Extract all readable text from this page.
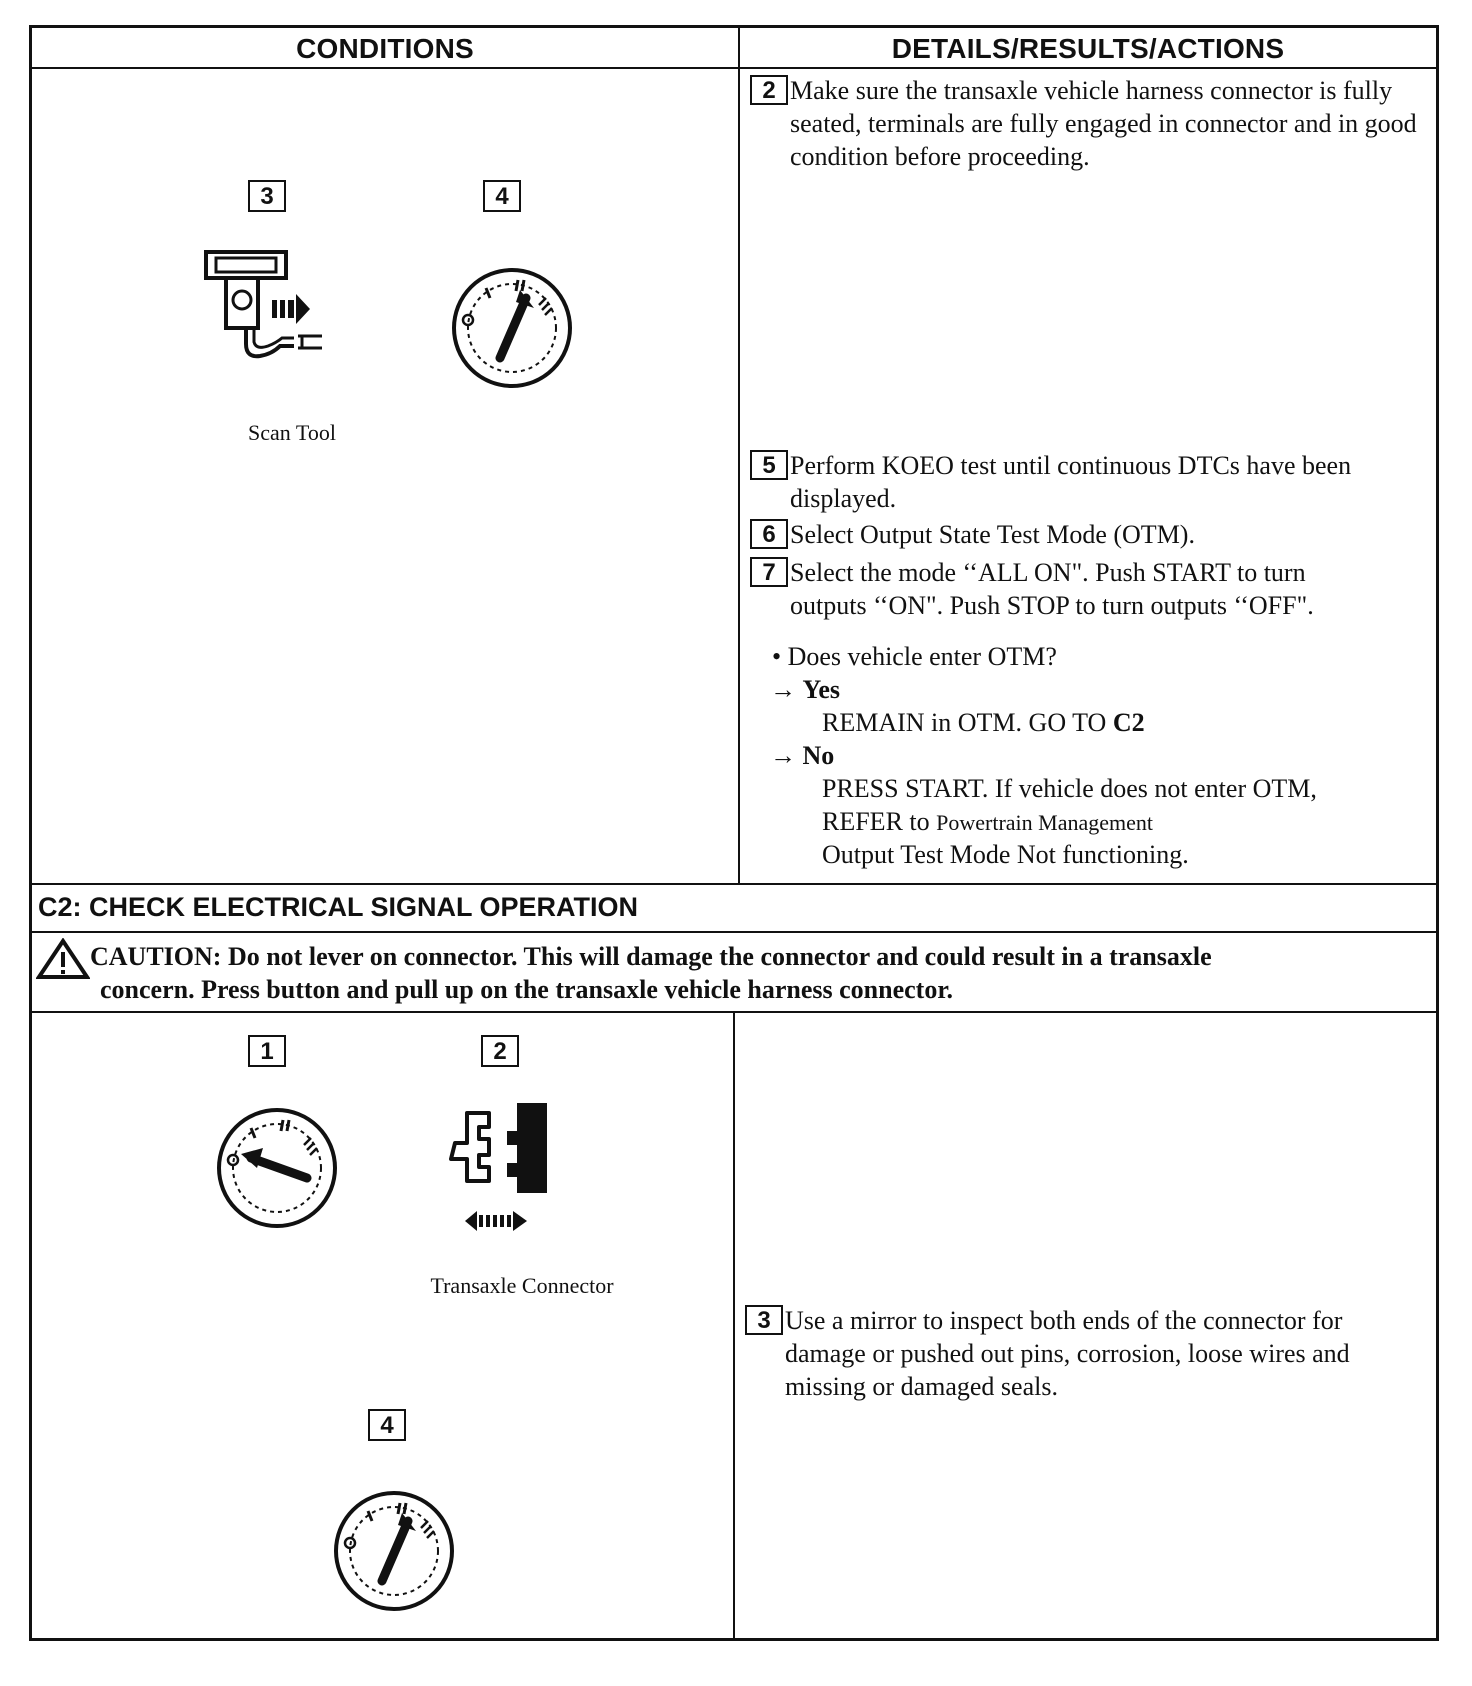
CONDITIONS	DETAILS/RESULTS/ACTIONS
3	4
Scan Tool
2 Make sure the transaxle vehicle harness connector is fully seated, terminals are fully engaged in connector and in good condition before proceeding.
5 Perform KOEO test until continuous DTCs have been displayed.
6 Select Output State Test Mode (OTM).
7 Select the mode ‘‘ALL ON". Push START to turn
outputs ‘‘ON". Push STOP to turn outputs ‘‘OFF".
• Does vehicle enter OTM?
→ Yes
REMAIN in OTM. GO TO C2
→ No
PRESS START. If vehicle does not enter OTM,
REFER to Powertrain Management
Output Test Mode Not functioning.
C2: CHECK ELECTRICAL SIGNAL OPERATION
CAUTION: Do not lever on connector. This will damage the connector and could result in a transaxle
concern. Press button and pull up on the transaxle vehicle harness connector.
1	2
Transaxle Connector
4
3 Use a mirror to inspect both ends of the connector for
damage or pushed out pins, corrosion, loose wires and
missing or damaged seals.
